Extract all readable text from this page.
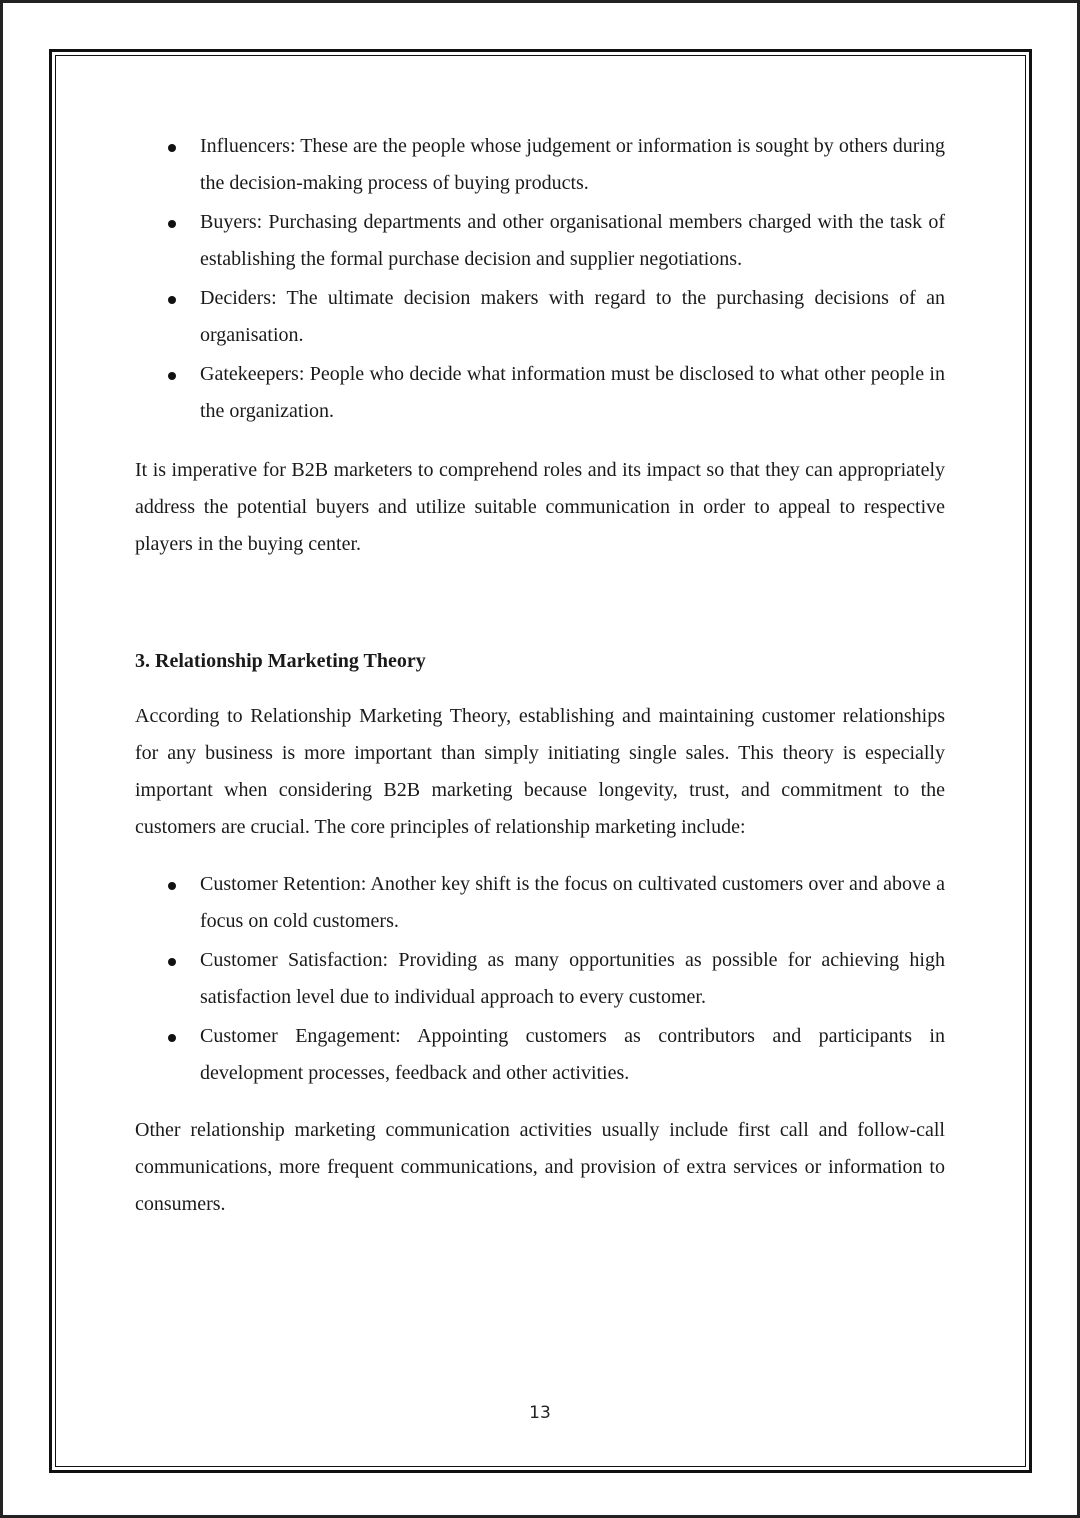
Influencers: These are the people whose judgement or information is sought by others during the decision-making process of buying products.
Buyers: Purchasing departments and other organisational members charged with the task of establishing the formal purchase decision and supplier negotiations.
Deciders: The ultimate decision makers with regard to the purchasing decisions of an organisation.
Gatekeepers: People who decide what information must be disclosed to what other people in the organization.

It is imperative for B2B marketers to comprehend roles and its impact so that they can appropriately address the potential buyers and utilize suitable communication in order to appeal to respective players in the buying center.

3. Relationship Marketing Theory

According to Relationship Marketing Theory, establishing and maintaining customer relationships for any business is more important than simply initiating single sales. This theory is especially important when considering B2B marketing because longevity, trust, and commitment to the customers are crucial. The core principles of relationship marketing include:

Customer Retention: Another key shift is the focus on cultivated customers over and above a focus on cold customers.
Customer Satisfaction: Providing as many opportunities as possible for achieving high satisfaction level due to individual approach to every customer.
Customer Engagement: Appointing customers as contributors and participants in development processes, feedback and other activities.

Other relationship marketing communication activities usually include first call and follow-call communications, more frequent communications, and provision of extra services or information to consumers.

13
